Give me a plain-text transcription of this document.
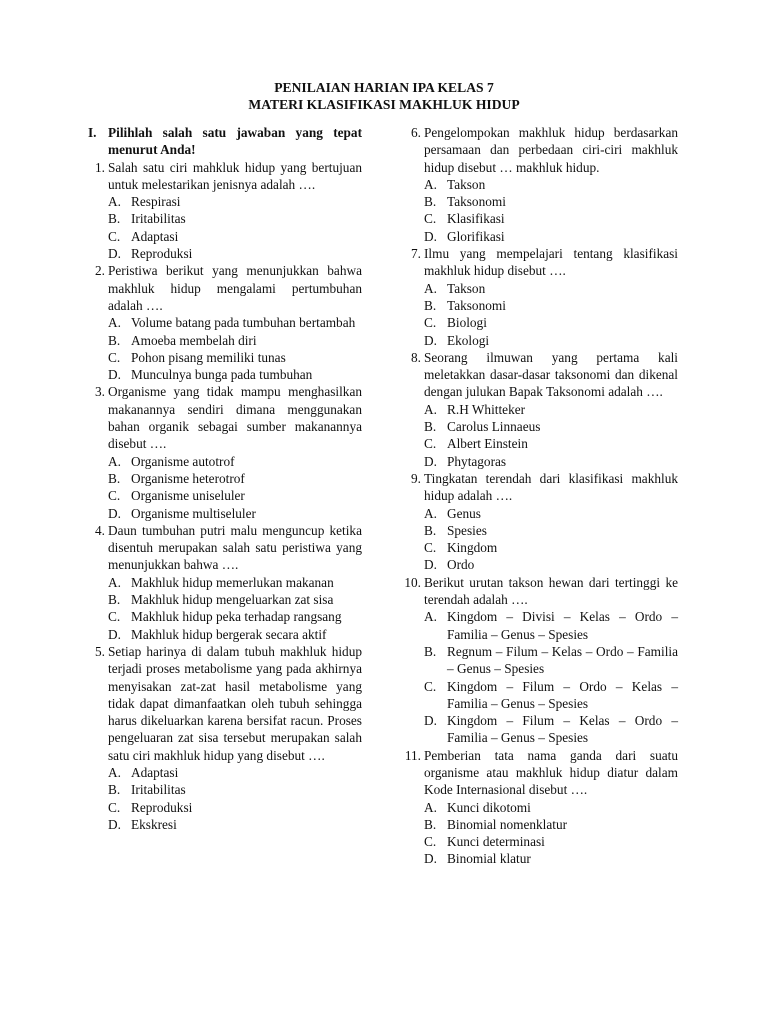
PENILAIAN HARIAN IPA KELAS 7
MATERI KLASIFIKASI MAKHLUK HIDUP
I. Pilihlah salah satu jawaban yang tepat menurut Anda!
1. Salah satu ciri mahkluk hidup yang bertujuan untuk melestarikan jenisnya adalah ….
A. Respirasi
B. Iritabilitas
C. Adaptasi
D. Reproduksi
2. Peristiwa berikut yang menunjukkan bahwa makhluk hidup mengalami pertumbuhan adalah ….
A. Volume batang pada tumbuhan bertambah
B. Amoeba membelah diri
C. Pohon pisang memiliki tunas
D. Munculnya bunga pada tumbuhan
3. Organisme yang tidak mampu menghasilkan makanannya sendiri dimana menggunakan bahan organik sebagai sumber makanannya disebut ….
A. Organisme autotrof
B. Organisme heterotrof
C. Organisme uniseluler
D. Organisme multiseluler
4. Daun tumbuhan putri malu menguncup ketika disentuh merupakan salah satu peristiwa yang menunjukkan bahwa ….
A. Makhluk hidup memerlukan makanan
B. Makhluk hidup mengeluarkan zat sisa
C. Makhluk hidup peka terhadap rangsang
D. Makhluk hidup bergerak secara aktif
5. Setiap harinya di dalam tubuh makhluk hidup terjadi proses metabolisme yang pada akhirnya menyisakan zat-zat hasil metabolisme yang tidak dapat dimanfaatkan oleh tubuh sehingga harus dikeluarkan karena bersifat racun. Proses pengeluaran zat sisa tersebut merupakan salah satu ciri makhluk hidup yang disebut ….
A. Adaptasi
B. Iritabilitas
C. Reproduksi
D. Ekskresi
6. Pengelompokan makhluk hidup berdasarkan persamaan dan perbedaan ciri-ciri makhluk hidup disebut … makhluk hidup.
A. Takson
B. Taksonomi
C. Klasifikasi
D. Glorifikasi
7. Ilmu yang mempelajari tentang klasifikasi makhluk hidup disebut ….
A. Takson
B. Taksonomi
C. Biologi
D. Ekologi
8. Seorang ilmuwan yang pertama kali meletakkan dasar-dasar taksonomi dan dikenal dengan julukan Bapak Taksonomi adalah ….
A. R.H Whitteker
B. Carolus Linnaeus
C. Albert Einstein
D. Phytagoras
9. Tingkatan terendah dari klasifikasi makhluk hidup adalah ….
A. Genus
B. Spesies
C. Kingdom
D. Ordo
10. Berikut urutan takson hewan dari tertinggi ke terendah adalah ….
A. Kingdom – Divisi – Kelas – Ordo – Familia – Genus – Spesies
B. Regnum – Filum – Kelas – Ordo – Familia – Genus – Spesies
C. Kingdom – Filum – Ordo – Kelas – Familia – Genus – Spesies
D. Kingdom – Filum – Kelas – Ordo – Familia – Genus – Spesies
11. Pemberian tata nama ganda dari suatu organisme atau makhluk hidup diatur dalam Kode Internasional disebut ….
A. Kunci dikotomi
B. Binomial nomenklatur
C. Kunci determinasi
D. Binomial klatur
